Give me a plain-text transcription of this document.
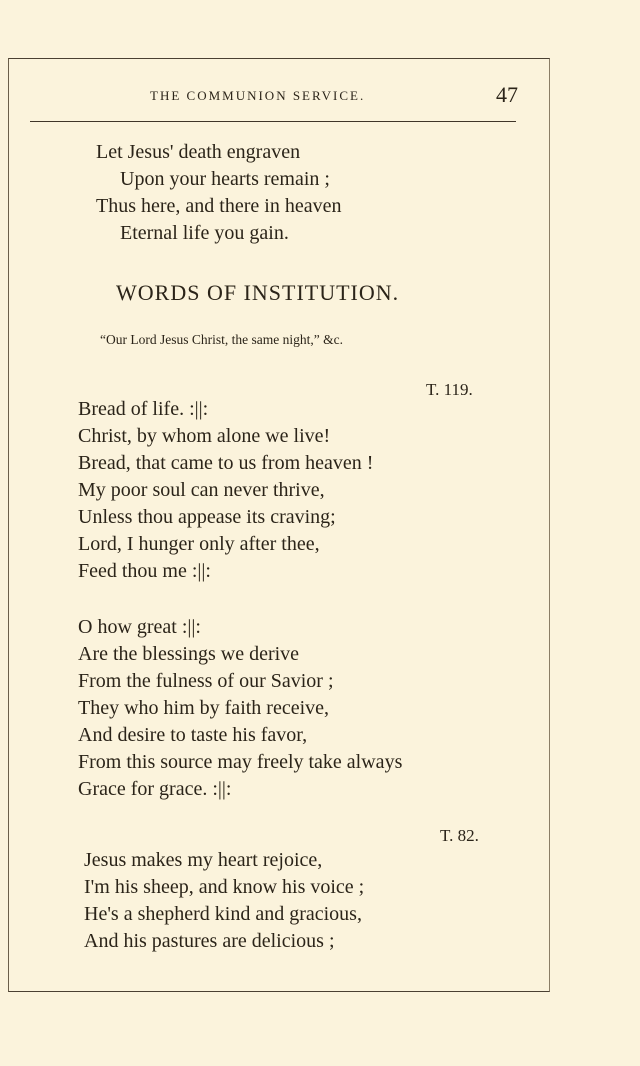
THE COMMUNION SERVICE.	47
Let Jesus' death engraven
Upon your hearts remain ;
Thus here, and there in heaven
Eternal life you gain.
WORDS OF INSTITUTION.
“Our Lord Jesus Christ, the same night,” &c.
T. 119.
Bread of life. :||:
Christ, by whom alone we live!
Bread, that came to us from heaven !
My poor soul can never thrive,
Unless thou appease its craving;
Lord, I hunger only after thee,
Feed thou me :||:
O how great :||:
Are the blessings we derive
From the fulness of our Savior ;
They who him by faith receive,
And desire to taste his favor,
From this source may freely take always
Grace for grace. :||:
T. 82.
Jesus makes my heart rejoice,
I'm his sheep, and know his voice ;
He's a shepherd kind and gracious,
And his pastures are delicious ;
